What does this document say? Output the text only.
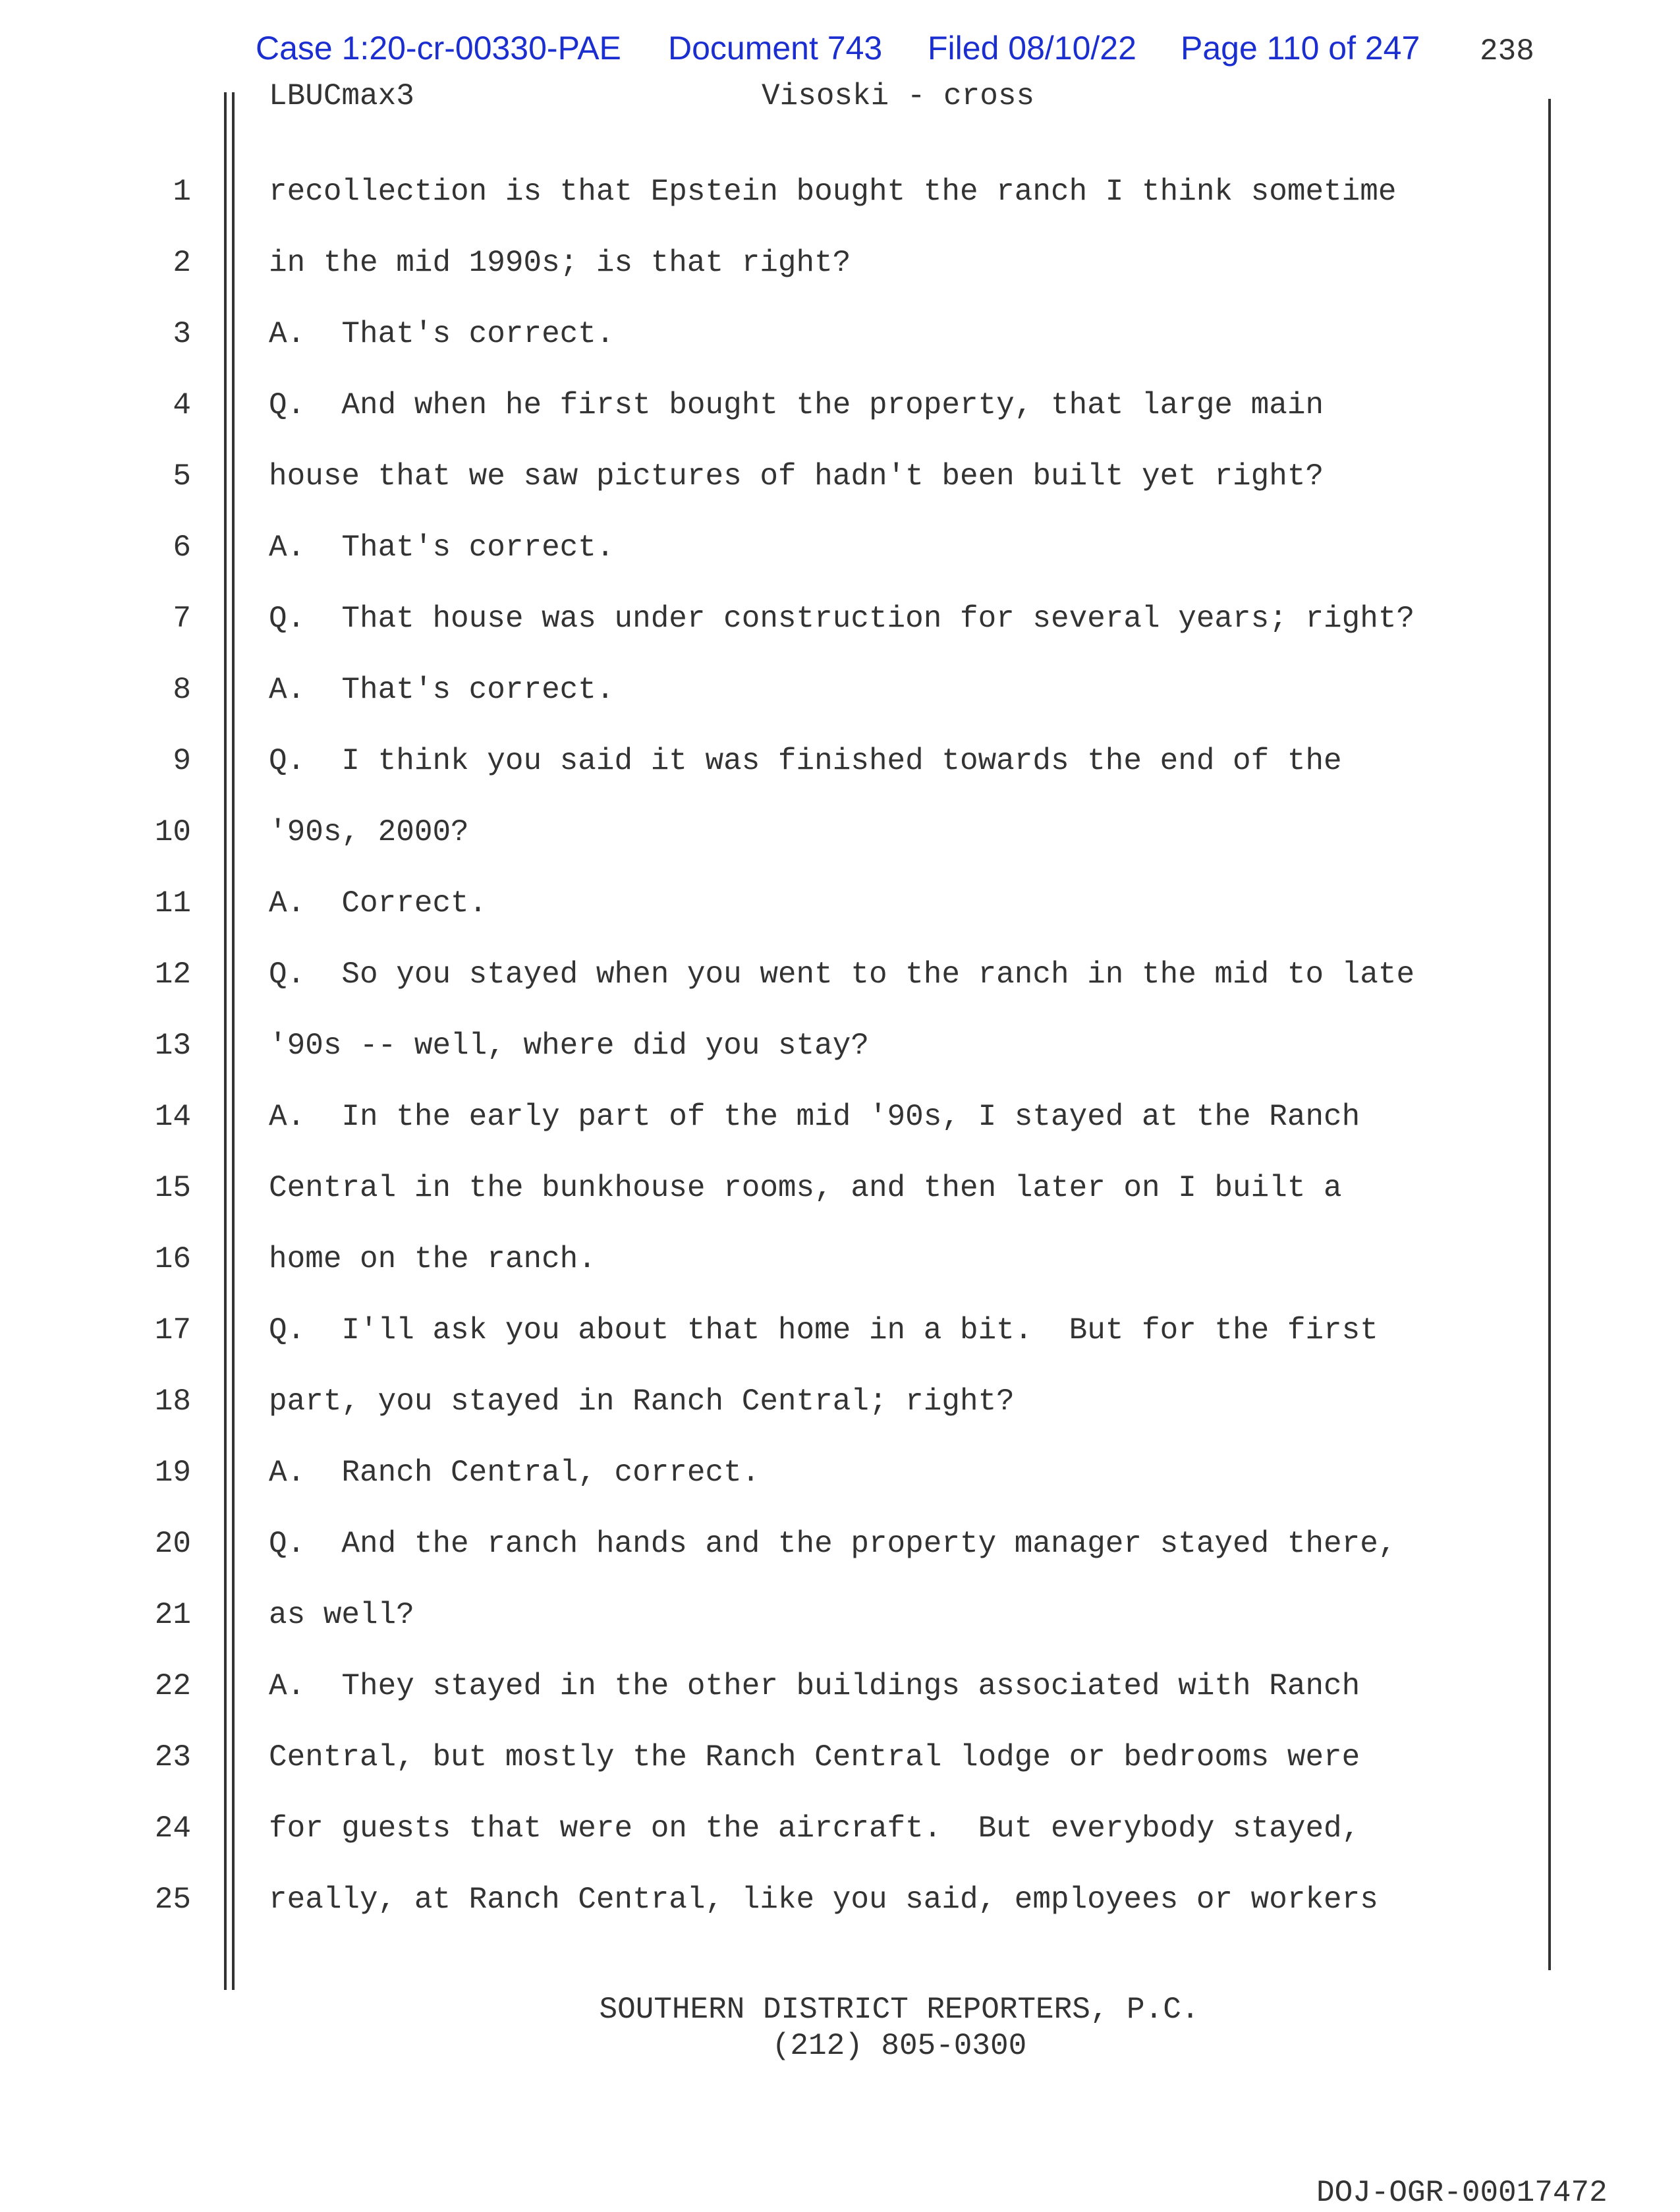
Case 1:20-cr-00330-PAE Document 743 Filed 08/10/22 Page 110 of 247 238
LBUCmax3	Visoski - cross
1	recollection is that Epstein bought the ranch I think sometime
2	in the mid 1990s; is that right?
3	A.  That's correct.
4	Q.  And when he first bought the property, that large main
5	house that we saw pictures of hadn't been built yet right?
6	A.  That's correct.
7	Q.  That house was under construction for several years; right?
8	A.  That's correct.
9	Q.  I think you said it was finished towards the end of the
10	'90s, 2000?
11	A.  Correct.
12	Q.  So you stayed when you went to the ranch in the mid to late
13	'90s -- well, where did you stay?
14	A.  In the early part of the mid '90s, I stayed at the Ranch
15	Central in the bunkhouse rooms, and then later on I built a
16	home on the ranch.
17	Q.  I'll ask you about that home in a bit.  But for the first
18	part, you stayed in Ranch Central; right?
19	A.  Ranch Central, correct.
20	Q.  And the ranch hands and the property manager stayed there,
21	as well?
22	A.  They stayed in the other buildings associated with Ranch
23	Central, but mostly the Ranch Central lodge or bedrooms were
24	for guests that were on the aircraft.  But everybody stayed,
25	really, at Ranch Central, like you said, employees or workers
SOUTHERN DISTRICT REPORTERS, P.C.
(212) 805-0300
DOJ-OGR-00017472
